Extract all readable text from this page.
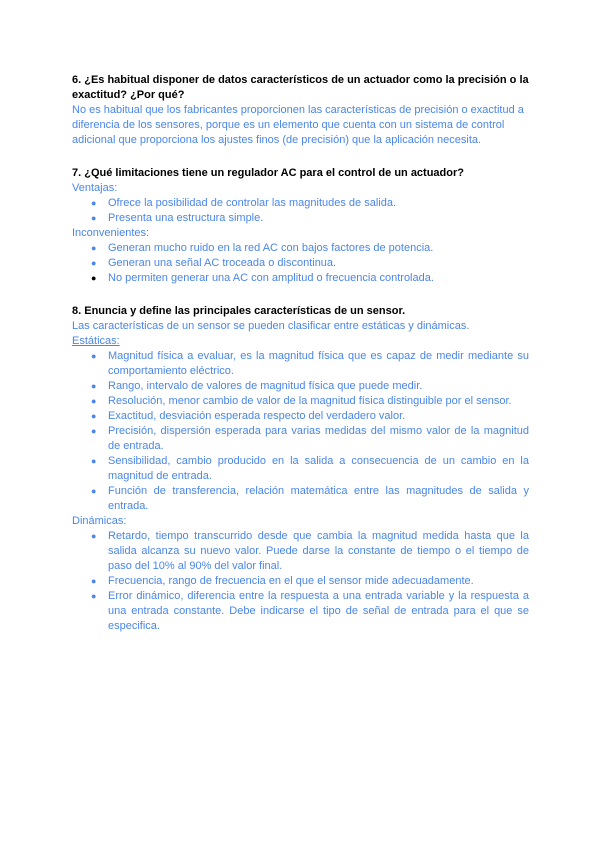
6. ¿Es habitual disponer de datos característicos de un actuador como la precisión o la exactitud? ¿Por qué?

No es habitual que los fabricantes proporcionen las características de precisión o exactitud a diferencia de los sensores, porque es un elemento que cuenta con un sistema de control adicional que proporciona los ajustes finos (de precisión) que la aplicación necesita.

7. ¿Qué limitaciones tiene un regulador AC para el control de un actuador?

Ventajas:

● Ofrece la posibilidad de controlar las magnitudes de salida.
● Presenta una estructura simple.

Inconvenientes:

● Generan mucho ruido en la red AC con bajos factores de potencia.
● Generan una señal AC troceada o discontinua.
● No permiten generar una AC con amplitud o frecuencia controlada.

8. Enuncia y define las principales características de un sensor.

Las características de un sensor se pueden clasificar entre estáticas y dinámicas.

Estáticas:

● Magnitud física a evaluar, es la magnitud física que es capaz de medir mediante su comportamiento eléctrico.
● Rango, intervalo de valores de magnitud física que puede medir.
● Resolución, menor cambio de valor de la magnitud física distinguible por el sensor.
● Exactitud, desviación esperada respecto del verdadero valor.
● Precisión, dispersión esperada para varias medidas del mismo valor de la magnitud de entrada.
● Sensibilidad, cambio producido en la salida a consecuencia de un cambio en la magnitud de entrada.
● Función de transferencia, relación matemática entre las magnitudes de salida y entrada.

Dinámicas:

● Retardo, tiempo transcurrido desde que cambia la magnitud medida hasta que la salida alcanza su nuevo valor. Puede darse la constante de tiempo o el tiempo de paso del 10% al 90% del valor final.
● Frecuencia, rango de frecuencia en el que el sensor mide adecuadamente.
● Error dinámico, diferencia entre la respuesta a una entrada variable y la respuesta a una entrada constante. Debe indicarse el tipo de señal de entrada para el que se especifica.
